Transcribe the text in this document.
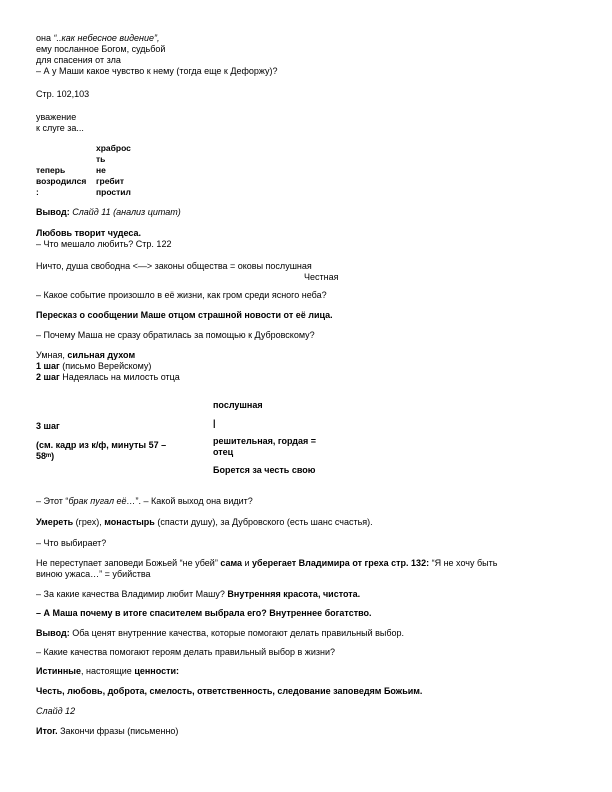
она “..как небесное видение”,
ему посланное Богом, судьбой
для спасения от зла
– А у Маши какое чувство к нему (тогда еще к Дефоржу)?
Стр. 102,103
уважение
к слуге за...
теперь
возродился
:
храброс
ть
не
гребит
простил
Вывод: Слайд 11 (анализ цитат)
Любовь творит чудеса.
– Что мешало любить? Стр. 122
Ничто, душа свободна <—> законы общества = оковы послушная
Честная
– Какое событие произошло в её жизни, как гром среди ясного неба?
Пересказ о сообщении Маше отцом страшной новости от её лица.
– Почему Маша не сразу обратилась за помощью к Дубровскому?
Умная, сильная духом
1 шаг (письмо Верейскому)
2 шаг Надеялась на милость отца
3 шаг
(см. кадр из к/ф, минуты 57 –
58ᵐ)
послушная
|
решительная, гордая =
отец
Борется за честь свою
– Этот “брак пугал её…”. – Какой выход она видит?
Умереть (грех), монастырь (спасти душу), за Дубровского (есть шанс счастья).
– Что выбирает?
Не переступает заповеди Божьей “не убей” сама и уберегает Владимира от греха стр. 132: “Я не хочу быть
виною ужаса…” = убийства
– За какие качества Владимир любит Машу? Внутренняя красота, чистота.
– А Маша почему в итоге спасителем выбрала его? Внутреннее богатство.
Вывод: Оба ценят внутренние качества, которые помогают делать правильный выбор.
– Какие качества помогают героям делать правильный выбор в жизни?
Истинные, настоящие ценности:
Честь, любовь, доброта, смелость, ответственность, следование заповедям Божьим.
Слайд 12
Итог. Закончи фразы (письменно)
